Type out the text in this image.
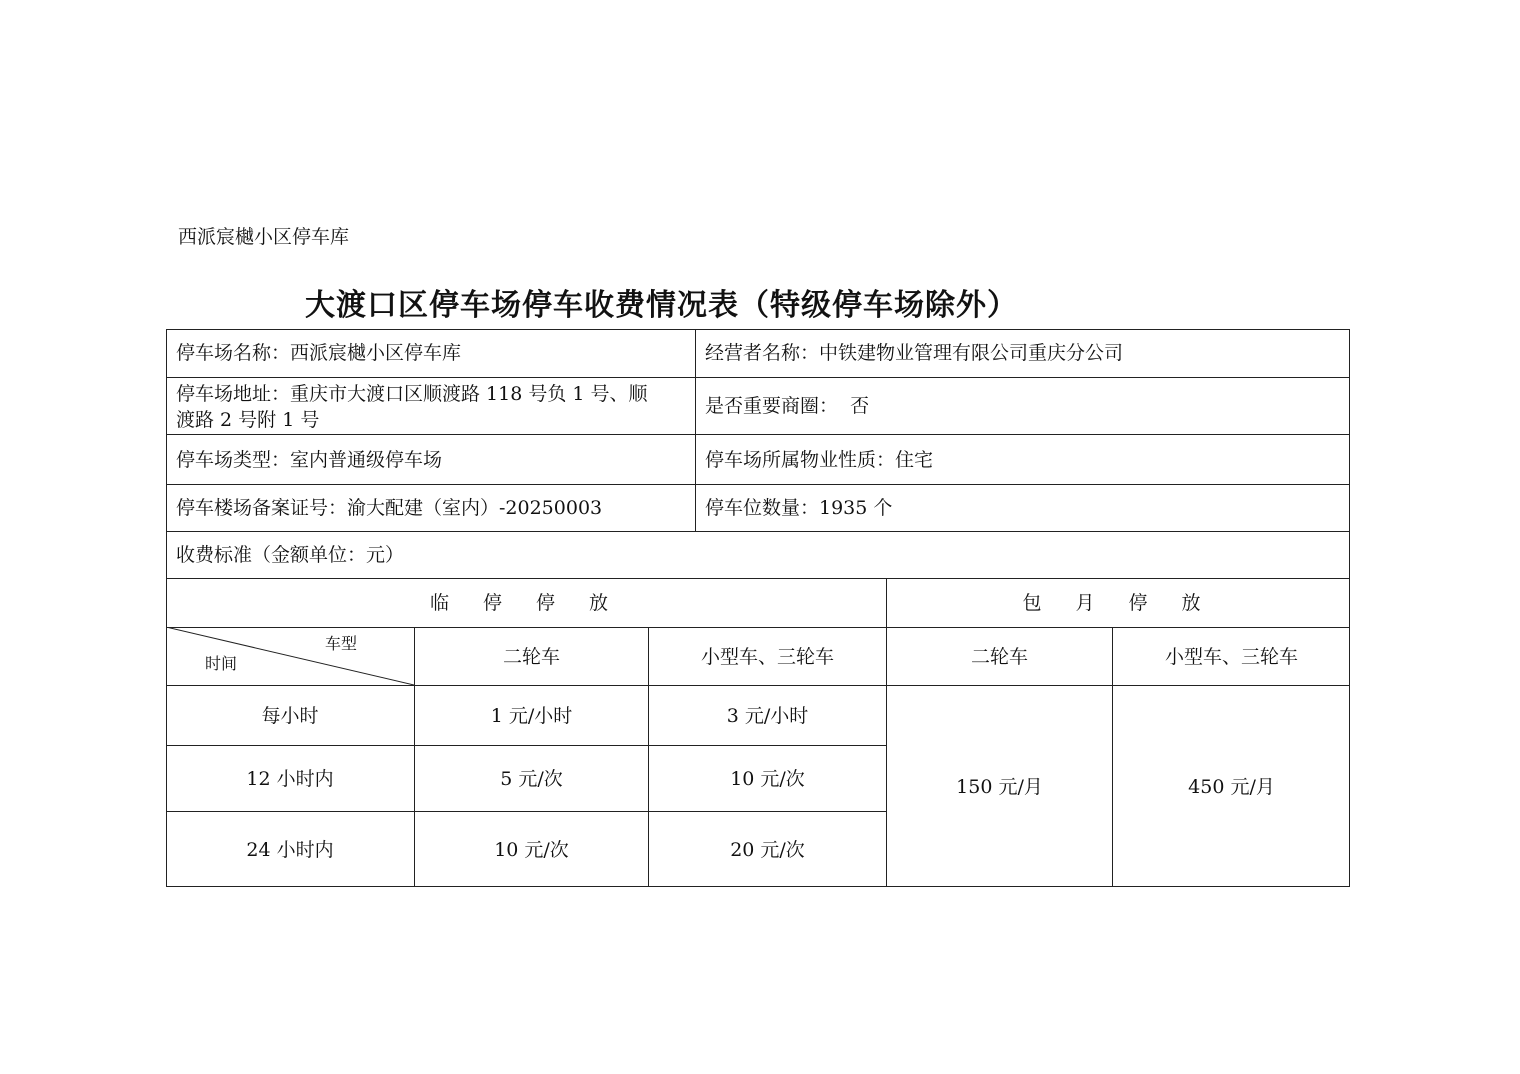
西派宸樾小区停车库
大渡口区停车场停车收费情况表（特级停车场除外）
停车场名称：西派宸樾小区停车库	经营者名称：中铁建物业管理有限公司重庆分公司
停车场地址：重庆市大渡口区顺渡路 118 号负 1 号、顺
渡路 2 号附 1 号
是否重要商圈：  否
停车场类型：室内普通级停车场	停车场所属物业性质：住宅
停车楼场备案证号：渝大配建（室内）-20250003	停车位数量：1935 个
收费标准（金额单位：元）
临 停 停 放	包 月 停 放
车型
时间	二轮车	小型车、三轮车	二轮车	小型车、三轮车
每小时	1 元/小时	3 元/小时
12 小时内	5 元/次	10 元/次
24 小时内	10 元/次	20 元/次
150 元/月	450 元/月
